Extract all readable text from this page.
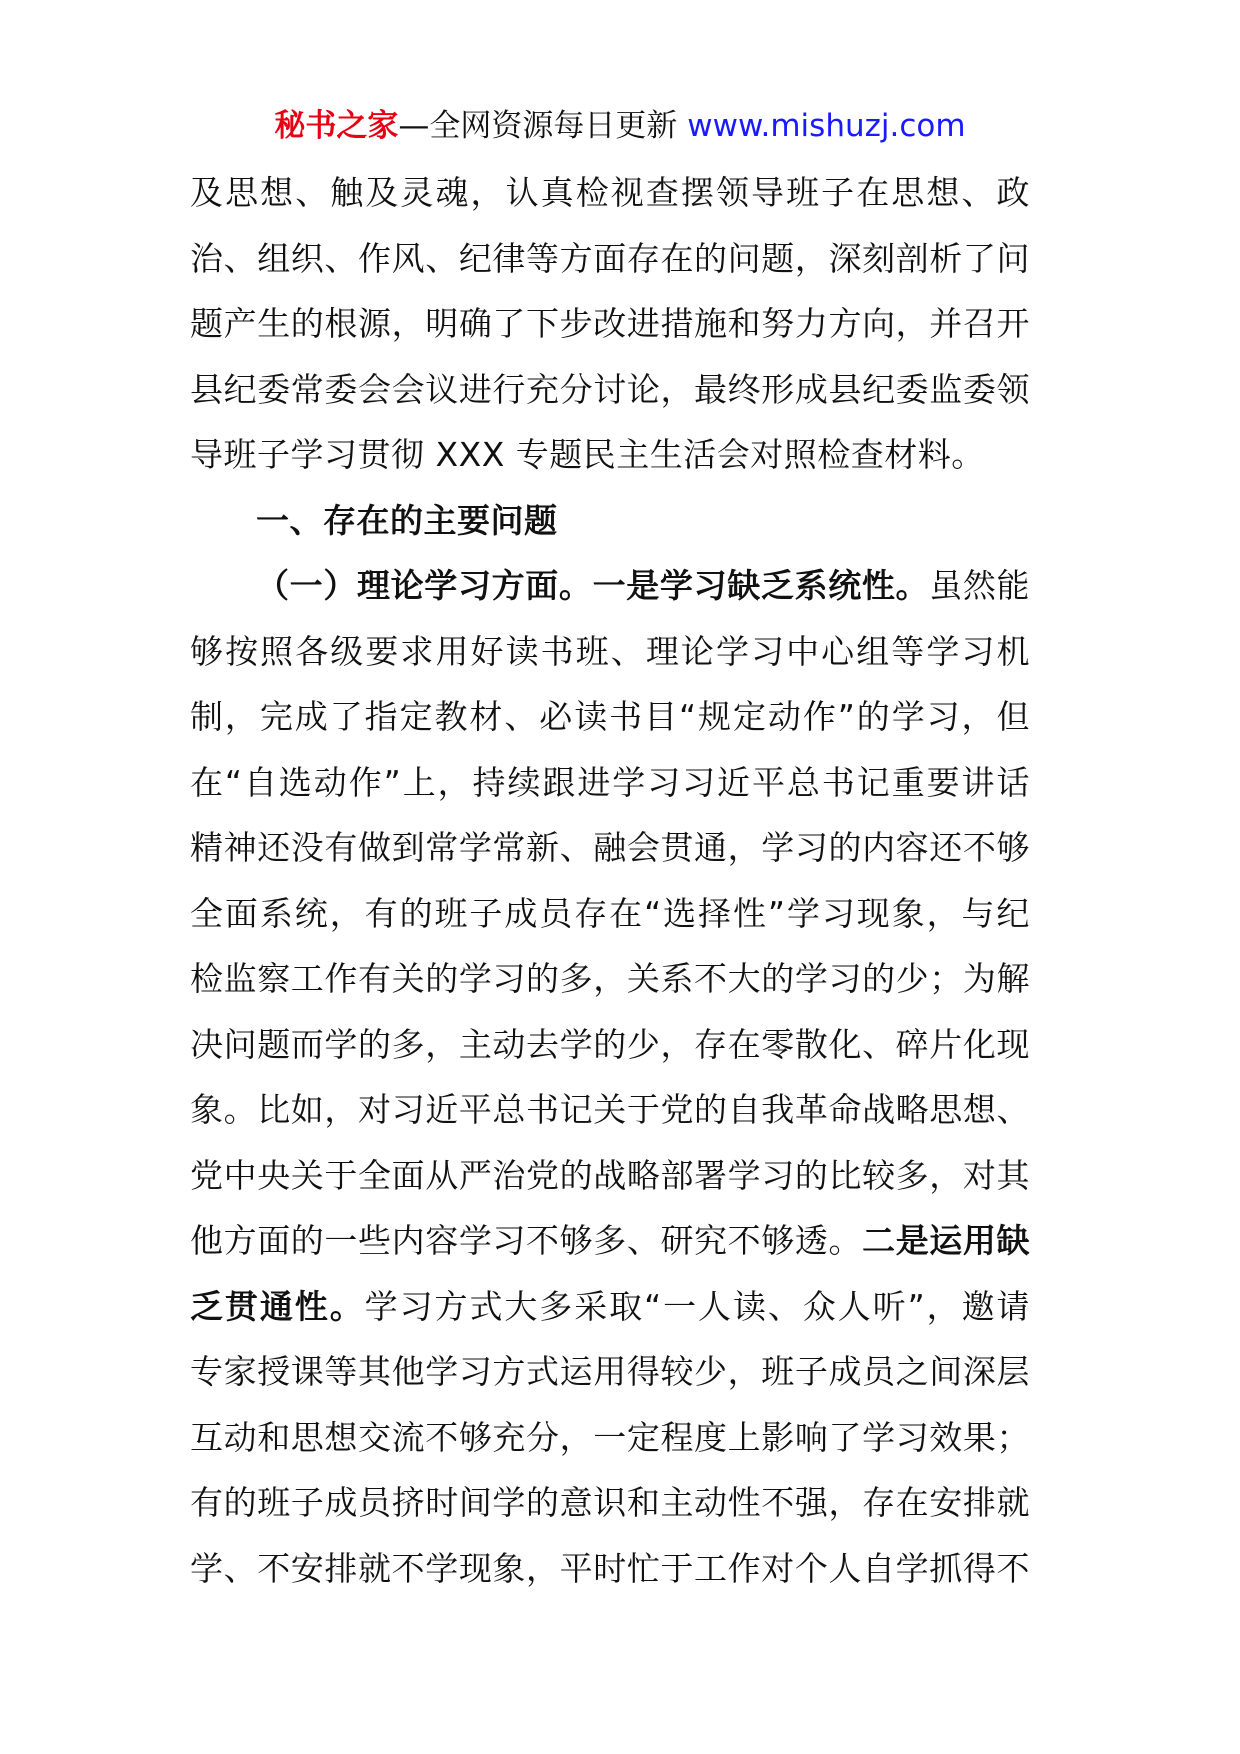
秘书之家—全网资源每日更新 www.mishuzj.com
及思想、触及灵魂，认真检视查摆领导班子在思想、政
治、组织、作风、纪律等方面存在的问题，深刻剖析了问
题产生的根源，明确了下步改进措施和努力方向，并召开
县纪委常委会会议进行充分讨论，最终形成县纪委监委领
导班子学习贯彻 XXX 专题民主生活会对照检查材料。
一、存在的主要问题
（一）理论学习方面。一是学习缺乏系统性。虽然能
够按照各级要求用好读书班、理论学习中心组等学习机
制，完成了指定教材、必读书目“规定动作”的学习，但
在“自选动作”上，持续跟进学习习近平总书记重要讲话
精神还没有做到常学常新、融会贯通，学习的内容还不够
全面系统，有的班子成员存在“选择性”学习现象，与纪
检监察工作有关的学习的多，关系不大的学习的少；为解
决问题而学的多，主动去学的少，存在零散化、碎片化现
象。比如，对习近平总书记关于党的自我革命战略思想、
党中央关于全面从严治党的战略部署学习的比较多，对其
他方面的一些内容学习不够多、研究不够透。二是运用缺
乏贯通性。学习方式大多采取“一人读、众人听”，邀请
专家授课等其他学习方式运用得较少，班子成员之间深层
互动和思想交流不够充分，一定程度上影响了学习效果；
有的班子成员挤时间学的意识和主动性不强，存在安排就
学、不安排就不学现象，平时忙于工作对个人自学抓得不
